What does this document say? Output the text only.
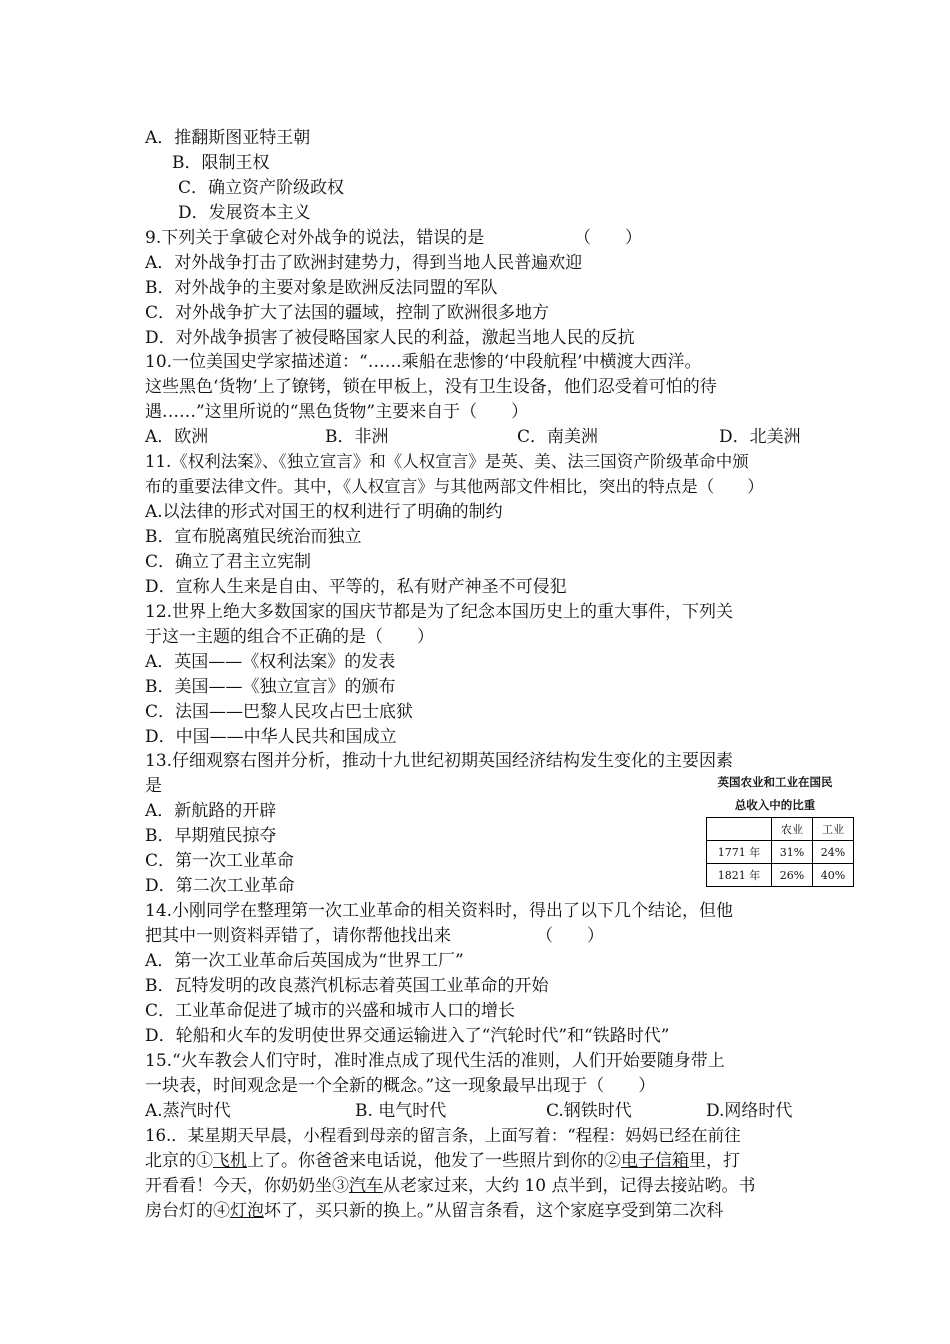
A．推翻斯图亚特王朝
B．限制王权
C．确立资产阶级政权
D．发展资本主义
9.下列关于拿破仑对外战争的说法，错误的是	（　　）
A．对外战争打击了欧洲封建势力，得到当地人民普遍欢迎
B．对外战争的主要对象是欧洲反法同盟的军队
C．对外战争扩大了法国的疆域，控制了欧洲很多地方
D．对外战争损害了被侵略国家人民的利益，激起当地人民的反抗
10.一位美国史学家描述道：“……乘船在悲惨的‘中段航程’中横渡大西洋。
这些黑色‘货物’上了镣铐，锁在甲板上，没有卫生设备，他们忍受着可怕的待
遇……”这里所说的“黑色货物”主要来自于（　　）
A．欧洲	B．非洲	C．南美洲	D．北美洲
11.《权利法案》、《独立宣言》和《人权宣言》是英、美、法三国资产阶级革命中颁
布的重要法律文件。其中，《人权宣言》与其他两部文件相比，突出的特点是（　　）
A.以法律的形式对国王的权利进行了明确的制约
B．宣布脱离殖民统治而独立
C．确立了君主立宪制
D．宣称人生来是自由、平等的，私有财产神圣不可侵犯
12.世界上绝大多数国家的国庆节都是为了纪念本国历史上的重大事件，下列关
于这一主题的组合不正确的是（　　）
A．英国——《权利法案》的发表
B．美国——《独立宣言》的颁布
C．法国——巴黎人民攻占巴士底狱
D．中国——中华人民共和国成立
13.仔细观察右图并分析，推动十九世纪初期英国经济结构发生变化的主要因素
是
A．新航路的开辟
B．早期殖民掠夺
C．第一次工业革命
D．第二次工业革命
英国农业和工业在国民
总收入中的比重
	农业	工业
1771 年	31%	24%
1821 年	26%	40%
14.小刚同学在整理第一次工业革命的相关资料时，得出了以下几个结论，但他
把其中一则资料弄错了，请你帮他找出来	（　　）
A．第一次工业革命后英国成为“世界工厂”
B．瓦特发明的改良蒸汽机标志着英国工业革命的开始
C．工业革命促进了城市的兴盛和城市人口的增长
D．轮船和火车的发明使世界交通运输进入了“汽轮时代”和“铁路时代”
15.“火车教会人们守时，准时准点成了现代生活的准则，人们开始要随身带上
一块表，时间观念是一个全新的概念。”这一现象最早出现于（　　）
A.蒸汽时代	B. 电气时代	C.钢铁时代	D.网络时代
16.．某星期天早晨，小程看到母亲的留言条，上面写着：“程程：妈妈已经在前往
北京的①飞机上了。你爸爸来电话说，他发了一些照片到你的②电子信箱里，打
开看看！今天，你奶奶坐③汽车从老家过来，大约 10 点半到，记得去接站哟。书
房台灯的④灯泡坏了，买只新的换上。”从留言条看，这个家庭享受到第二次科
